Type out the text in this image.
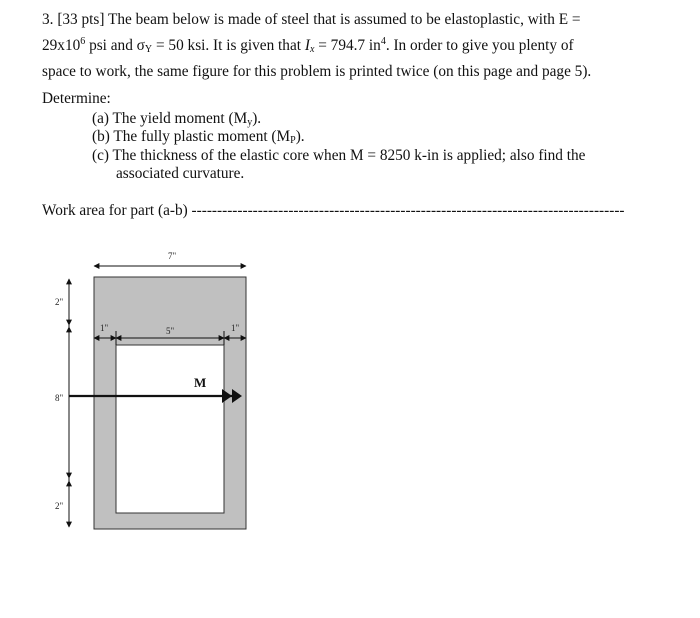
3. [33 pts] The beam below is made of steel that is assumed to be elastoplastic, with E =
$29x10^6$ psi and $\sigma_Y = 50$ ksi. It is given that $I_x = 794.7$ $in^4$. In order to give you plenty of
space to work, the same figure for this problem is printed twice (on this page and page 5).

Determine:
(a) The yield moment $(M_y)$.
(b) The fully plastic moment $(M_P)$.
(c) The thickness of the elastic core when M = 8250 k-in is applied; also find the
associated curvature.
Work area for part (a-b) -------------------------------------------------------------------------------------
7"
2"
8"
2"
1"	5"	1"
M
